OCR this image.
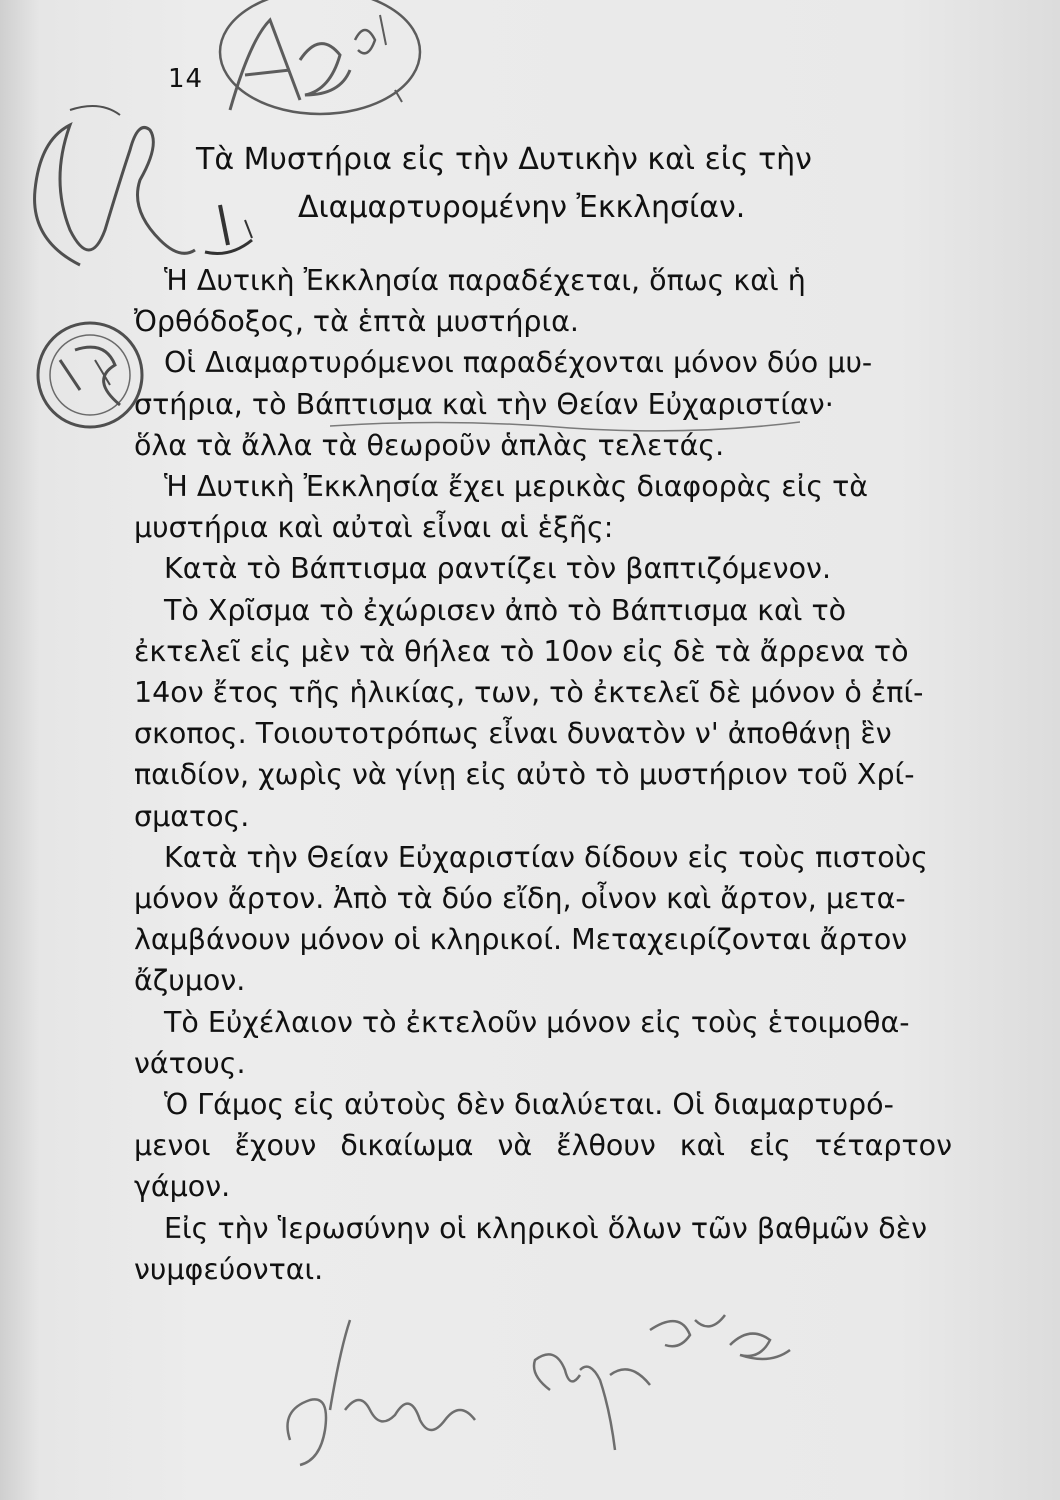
14
Τὰ Μυστήρια εἰς τὴν Δυτικὴν καὶ εἰς τὴν
Διαμαρτυρομένην Ἐκκλησίαν.

Ἡ Δυτικὴ Ἐκκλησία παραδέχεται, ὅπως καὶ ἡ
Ὀρθόδοξος, τὰ ἑπτὰ μυστήρια.

Οἱ Διαμαρτυρόμενοι παραδέχονται μόνον δύο μυ-
στήρια, τὸ Βάπτισμα καὶ τὴν Θείαν Εὐχαριστίαν·
ὅλα τὰ ἄλλα τὰ θεωροῦν ἁπλὰς τελετάς.

Ἡ Δυτικὴ Ἐκκλησία ἔχει μερικὰς διαφορὰς εἰς τὰ
μυστήρια καὶ αὐταὶ εἶναι αἱ ἑξῆς:

Κατὰ τὸ Βάπτισμα ραντίζει τὸν βαπτιζόμενον.

Τὸ Χρῖσμα τὸ ἐχώρισεν ἀπὸ τὸ Βάπτισμα καὶ τὸ
ἐκτελεῖ εἰς μὲν τὰ θήλεα τὸ 10ον εἰς δὲ τὰ ἄρρενα τὸ
14ον ἔτος τῆς ἡλικίας, των, τὸ ἐκτελεῖ δὲ μόνον ὁ ἐπί-
σκοπος. Τοιουτοτρόπως εἶναι δυνατὸν ν' ἀποθάνῃ ἓν
παιδίον, χωρὶς νὰ γίνῃ εἰς αὐτὸ τὸ μυστήριον τοῦ Χρί-
σματος.

Κατὰ τὴν Θείαν Εὐχαριστίαν δίδουν εἰς τοὺς πιστοὺς
μόνον ἄρτον. Ἀπὸ τὰ δύο εἴδη, οἶνον καὶ ἄρτον, μετα-
λαμβάνουν μόνον οἱ κληρικοί. Μεταχειρίζονται ἄρτον
ἄζυμον.

Τὸ Εὐχέλαιον τὸ ἐκτελοῦν μόνον εἰς τοὺς ἑτοιμοθα-
νάτους.

Ὁ Γάμος εἰς αὐτοὺς δὲν διαλύεται. Οἱ διαμαρτυρό-
μενοι ἔχουν δικαίωμα νὰ ἔλθουν καὶ εἰς τέταρτον γάμον.

Εἰς τὴν Ἱερωσύνην οἱ κληρικοὶ ὅλων τῶν βαθμῶν δὲν
νυμφεύονται.
